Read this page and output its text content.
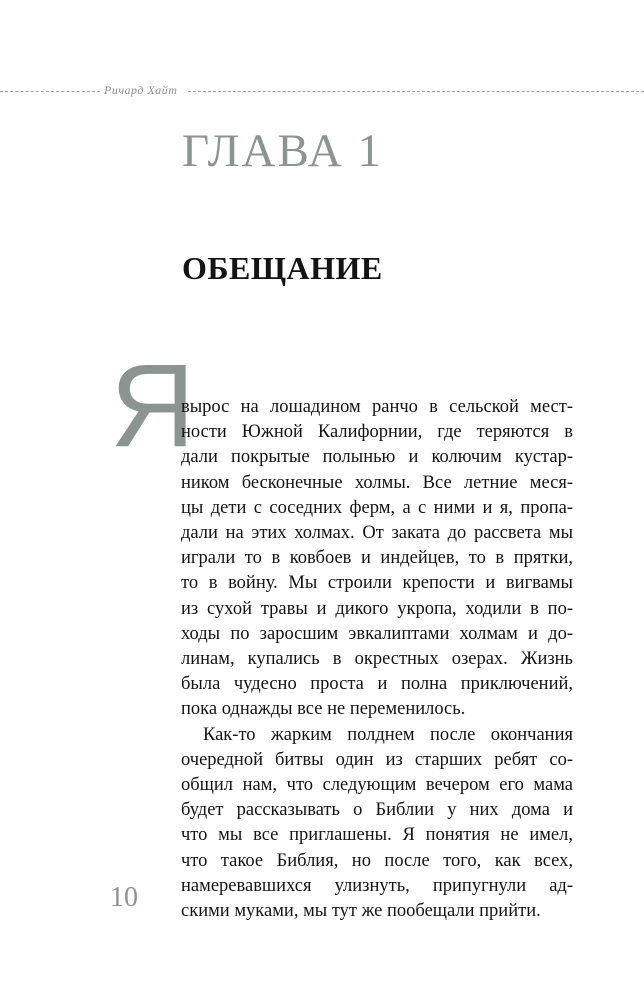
Ричард Хайт
ГЛАВА 1
ОБЕЩАНИЕ
Я
вырос на лошадином ранчо в сельской мест-
ности Южной Калифорнии, где теряются в
дали покрытые полынью и колючим кустар-
ником бесконечные холмы. Все летние меся-
цы дети с соседних ферм, а с ними и я, пропа-
дали на этих холмах. От заката до рассвета мы
играли то в ковбоев и индейцев, то в прятки,
то в войну. Мы строили крепости и вигвамы
из сухой травы и дикого укропа, ходили в по-
ходы по заросшим эвкалиптами холмам и до-
линам, купались в окрестных озерах. Жизнь
была чудесно проста и полна приключений,
пока однажды все не переменилось.
Как-то жарким полднем после окончания
очередной битвы один из старших ребят со-
общил нам, что следующим вечером его мама
будет рассказывать о Библии у них дома и
что мы все приглашены. Я понятия не имел,
что такое Библия, но после того, как всех,
намеревавшихся улизнуть, припугнули ад-
скими муками, мы тут же пообещали прийти.
10
